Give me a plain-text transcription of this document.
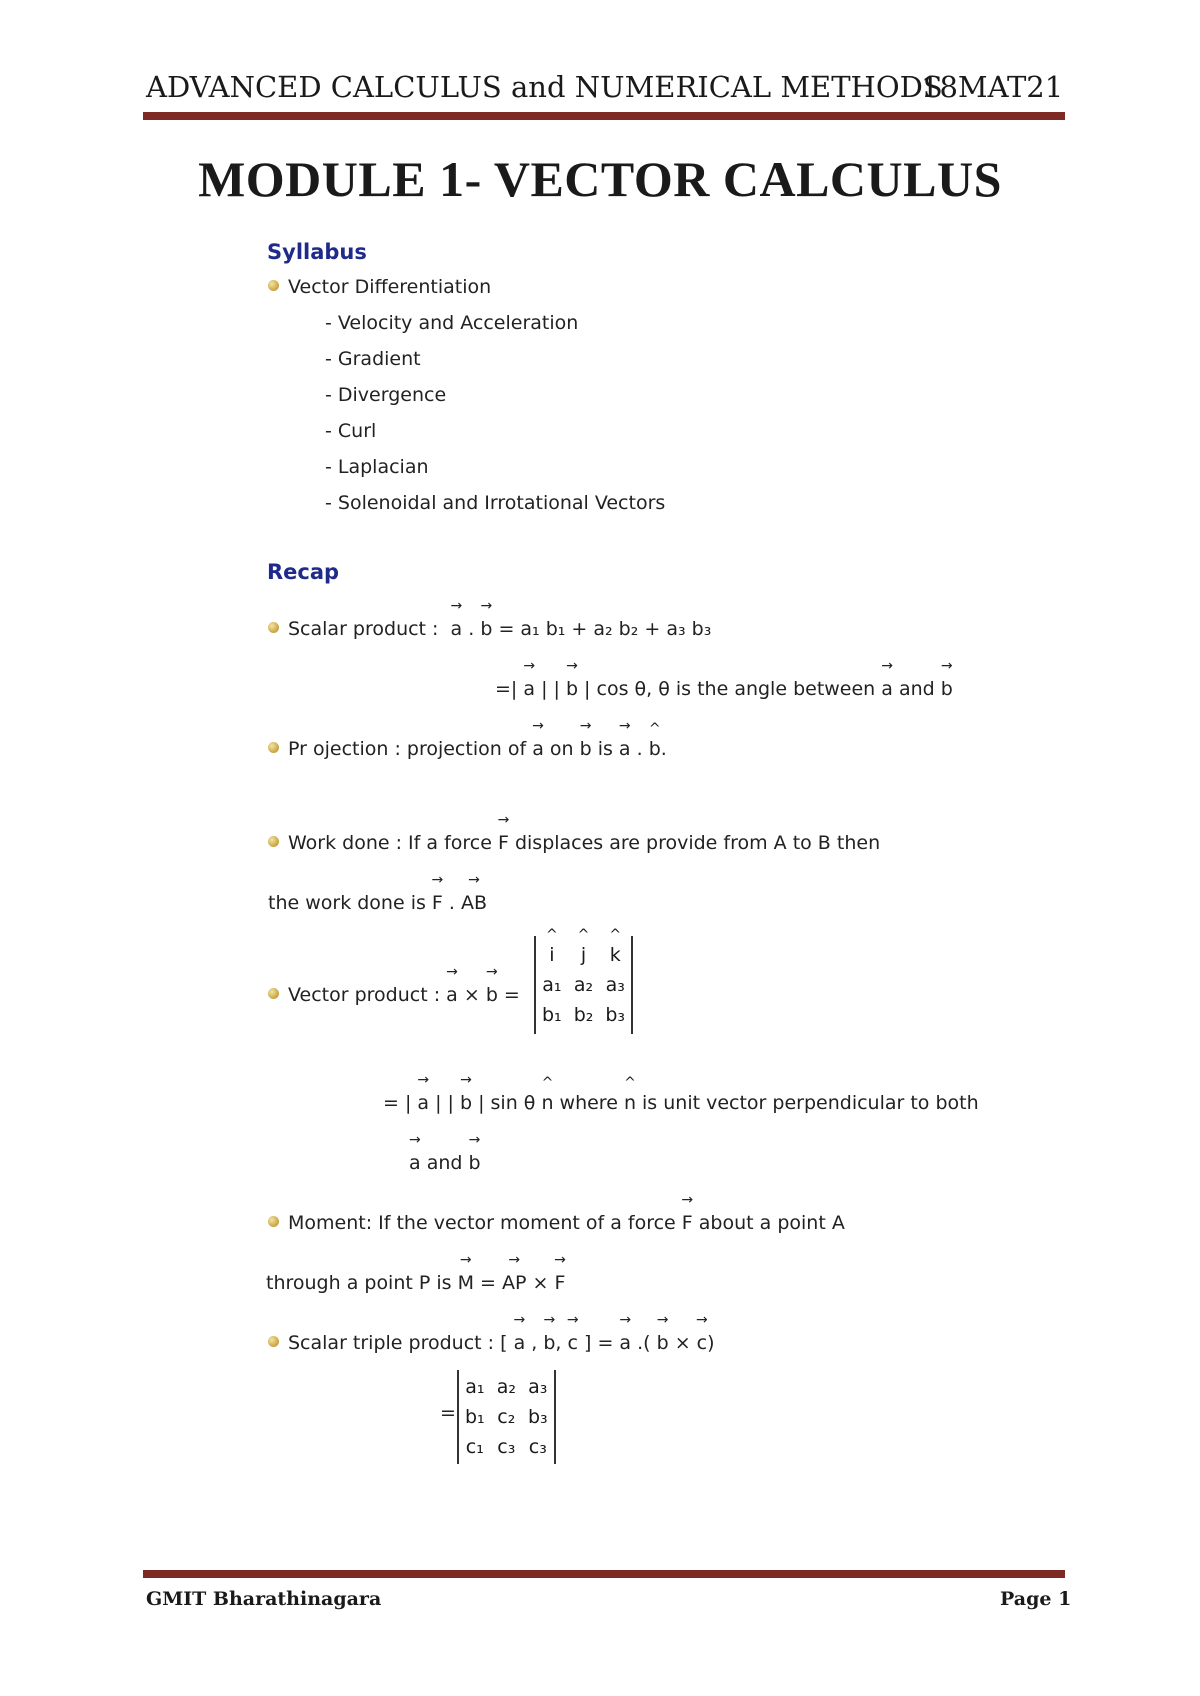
ADVANCED CALCULUS and NUMERICAL METHODS
18MAT21
MODULE 1- VECTOR CALCULUS
Syllabus
Vector Differentiation
- Velocity and Acceleration
- Gradient
- Divergence
- Curl
- Laplacian
- Solenoidal and Irrotational Vectors
Recap
Scalar product : → a . → b = a₁ b₁ + a₂ b₂ + a₃ b₃
=| → a | | → b | cos θ, θ is the angle between → a and → b
Pr ojection : projection of → a on → b is → a . ^ b.
Work done : If a force → F displaces are provide from A to B then
the work done is → F . → AB
Vector product : → a × → b =
^ i	^ j	^ k
a₁	a₂	a₃
b₁	b₂	b₃
= | → a | | → b | sin θ ^ n where ^ n is unit vector perpendicular to both
→ a and → b
Moment: If the vector moment of a force → F about a point A
through a point P is → M = → AP × → F
Scalar triple product : [ → a , → b, → c ] = → a .( → b × → c)
=
a₁	a₂	a₃
b₁	c₂	b₃
c₁	c₃	c₃
GMIT Bharathinagara	Page 1
